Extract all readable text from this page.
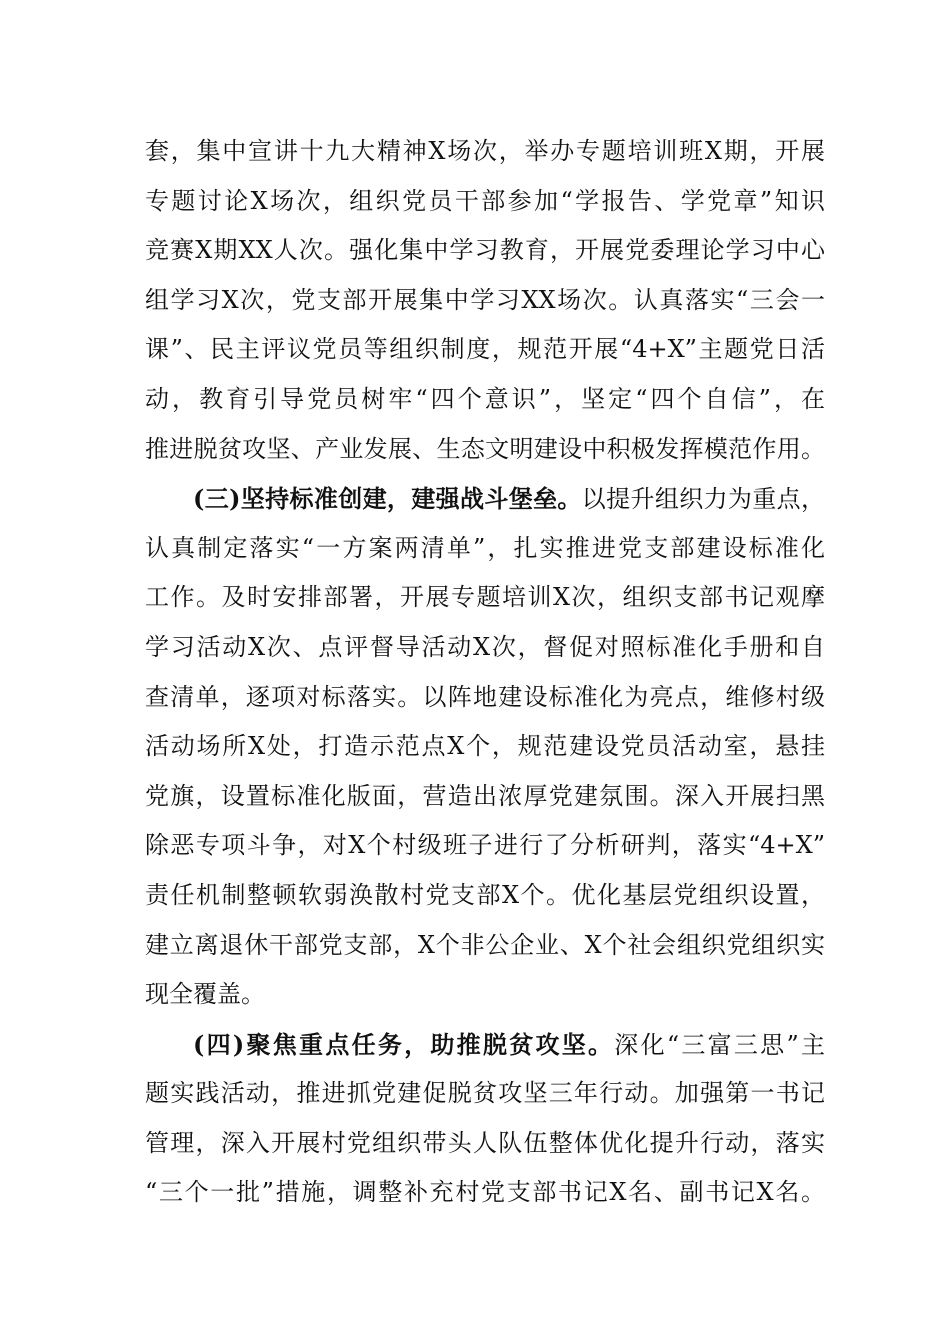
套，集中宣讲十九大精神X场次，举办专题培训班X期，开展
专题讨论X场次，组织党员干部参加“学报告、学党章”知识
竞赛X期XX人次。强化集中学习教育，开展党委理论学习中心
组学习X次，党支部开展集中学习XX场次。认真落实“三会一
课”、民主评议党员等组织制度，规范开展“4+X”主题党日活
动，教育引导党员树牢“四个意识”，坚定“四个自信”，在
推进脱贫攻坚、产业发展、生态文明建设中积极发挥模范作用。
(三)坚持标准创建，建强战斗堡垒。以提升组织力为重点，
认真制定落实“一方案两清单”，扎实推进党支部建设标准化
工作。及时安排部署，开展专题培训X次，组织支部书记观摩
学习活动X次、点评督导活动X次，督促对照标准化手册和自
查清单，逐项对标落实。以阵地建设标准化为亮点，维修村级
活动场所X处，打造示范点X个，规范建设党员活动室，悬挂
党旗，设置标准化版面，营造出浓厚党建氛围。深入开展扫黑
除恶专项斗争，对X个村级班子进行了分析研判，落实“4+X”
责任机制整顿软弱涣散村党支部X个。优化基层党组织设置，
建立离退休干部党支部，X个非公企业、X个社会组织党组织实
现全覆盖。
(四)聚焦重点任务，助推脱贫攻坚。深化“三富三思”主
题实践活动，推进抓党建促脱贫攻坚三年行动。加强第一书记
管理，深入开展村党组织带头人队伍整体优化提升行动，落实
“三个一批”措施，调整补充村党支部书记X名、副书记X名。
